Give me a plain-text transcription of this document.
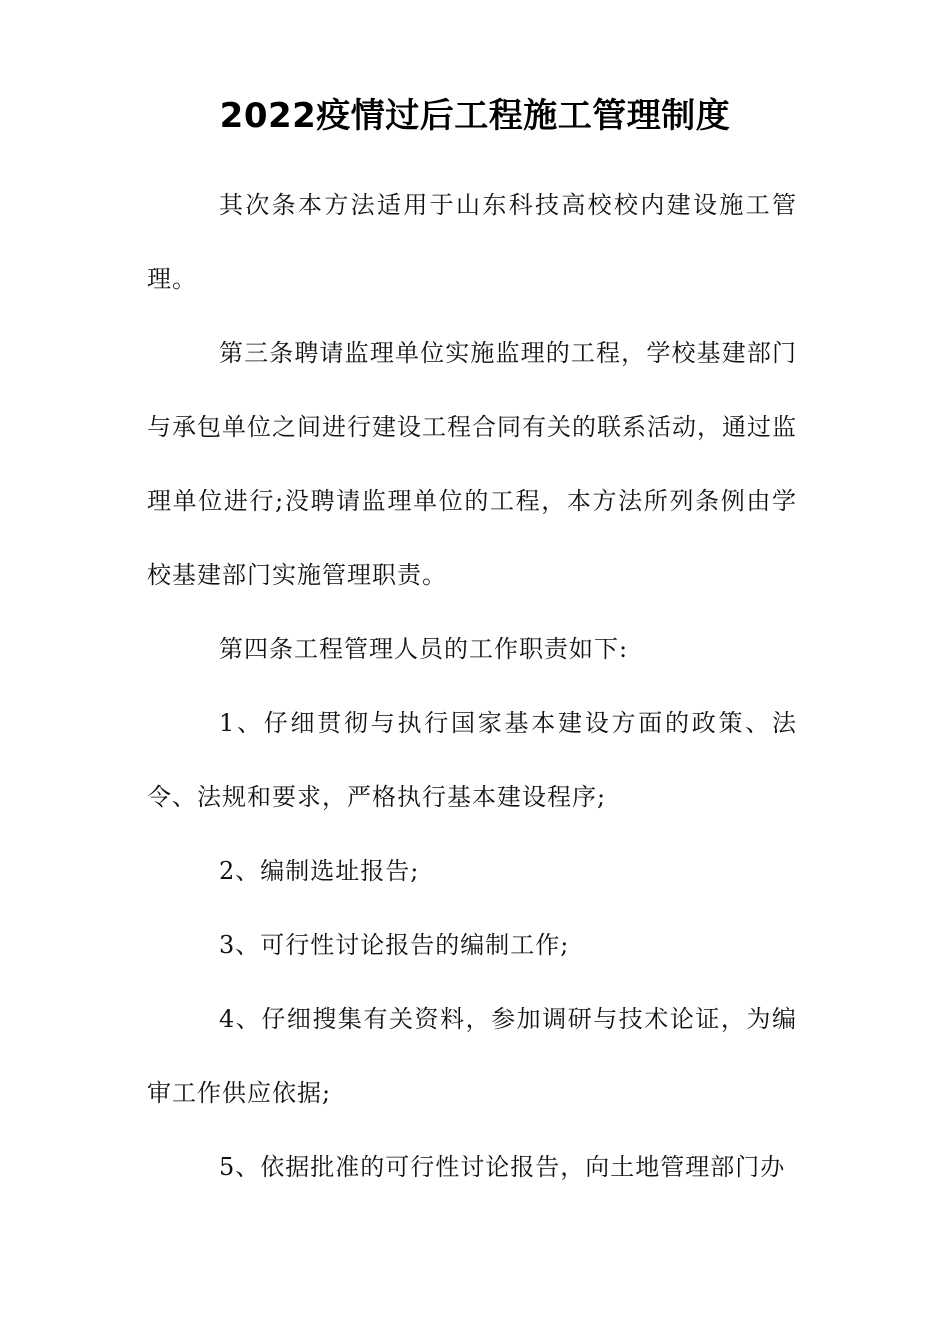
2022疫情过后工程施工管理制度

其次条本方法适用于山东科技高校校内建设施工管理。

第三条聘请监理单位实施监理的工程，学校基建部门与承包单位之间进行建设工程合同有关的联系活动，通过监理单位进行;没聘请监理单位的工程，本方法所列条例由学校基建部门实施管理职责。

第四条工程管理人员的工作职责如下:

1、仔细贯彻与执行国家基本建设方面的政策、法令、法规和要求，严格执行基本建设程序;

2、编制选址报告;

3、可行性讨论报告的编制工作;

4、仔细搜集有关资料，参加调研与技术论证，为编审工作供应依据;

5、依据批准的可行性讨论报告，向土地管理部门办
